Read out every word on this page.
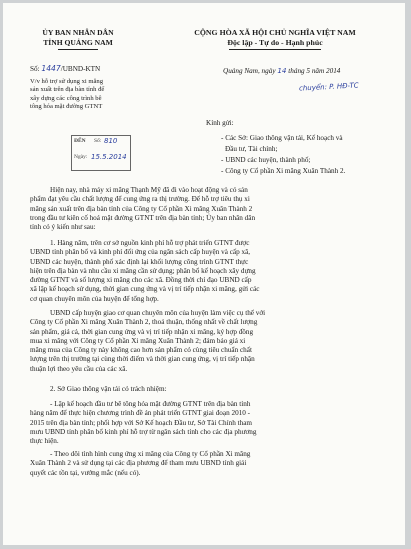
ỦY BAN NHÂN DÂN
TỈNH QUẢNG NAM
CỘNG HÒA XÃ HỘI CHỦ NGHĨA VIỆT NAM
Độc lập - Tự do - Hạnh phúc
Số: 1447/UBND-KTN
V/v hỗ trợ sử dụng xi măng
sản xuất trên địa bàn tỉnh để
xây dựng các công trình bê
tông hóa mặt đường GTNT
Quảng Nam, ngày 14 tháng 5 năm 2014
chuyển: P. HĐ-TC
ĐẾN Số: 810
Ngày: 15.5.2014
Kính gửi:
- Các Sở: Giao thông vận tải, Kế hoạch và
Đầu tư, Tài chính;
- UBND các huyện, thành phố;
- Công ty Cổ phần Xi măng Xuân Thành 2.
Hiện nay, nhà máy xi măng Thạnh Mỹ đã đi vào hoạt động và có sản
phẩm đạt yêu cầu chất lượng để cung ứng ra thị trường. Để hỗ trợ tiêu thụ xi
măng sản xuất trên địa bàn tỉnh của Công ty Cổ phần Xi măng Xuân Thành 2
trong đầu tư kiên cố hoá mặt đường GTNT trên địa bàn tỉnh; Ủy ban nhân dân
tỉnh có ý kiến như sau:
1. Hàng năm, trên cơ sở nguồn kinh phí hỗ trợ phát triển GTNT được
UBND tỉnh phân bổ và kinh phí đối ứng của ngân sách cấp huyện và cấp xã,
UBND các huyện, thành phố xác định lại khối lượng công trình GTNT thực
hiện trên địa bàn và nhu cầu xi măng cần sử dụng; phân bổ kế hoạch xây dựng
đường GTNT và số lượng xi măng cho các xã. Đồng thời chỉ đạo UBND cấp
xã lập kế hoạch sử dụng, thời gian cung ứng và vị trí tiếp nhận xi măng, gửi các
cơ quan chuyên môn của huyện để tổng hợp.
UBND cấp huyện giao cơ quan chuyên môn của huyện làm việc cụ thể với
Công ty Cổ phần Xi măng Xuân Thành 2, thoả thuận, thống nhất về chất lượng
sản phẩm, giá cả, thời gian cung ứng và vị trí tiếp nhận xi măng, ký hợp đồng
mua xi măng với Công ty Cổ phần Xi măng Xuân Thành 2; đảm bảo giá xi
măng mua của Công ty này không cao hơn sản phẩm có cùng tiêu chuẩn chất
lượng trên thị trường tại cùng thời điểm và thời gian cung ứng, vị trí tiếp nhận
thuận lợi theo yêu cầu của các xã.
2. Sở Giao thông vận tải có trách nhiệm:
- Lập kế hoạch đầu tư bê tông hóa mặt đường GTNT trên địa bàn tỉnh
hàng năm để thực hiện chương trình đề án phát triển GTNT giai đoạn 2010 -
2015 trên địa bàn tỉnh; phối hợp với Sở Kế hoạch Đầu tư, Sở Tài Chính tham
mưu UBND tỉnh phân bổ kinh phí hỗ trợ từ ngân sách tỉnh cho các địa phương
thực hiện.
- Theo dõi tình hình cung ứng xi măng của Công ty Cổ phần Xi măng
Xuân Thành 2 và sử dụng tại các địa phương để tham mưu UBND tỉnh giải
quyết các tồn tại, vướng mắc (nếu có).
